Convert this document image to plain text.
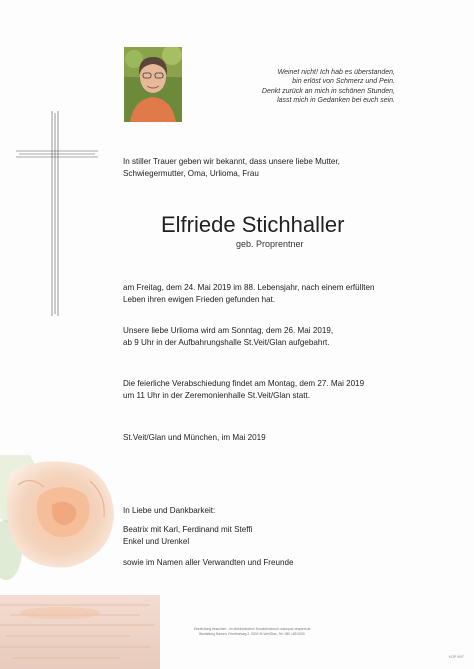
Weinet nicht! Ich hab es überstanden,
bin erlöst von Schmerz und Pein.
Denkt zurück an mich in schönen Stunden,
lasst mich in Gedanken bei euch sein.
In stiller Trauer geben wir bekannt, dass unsere liebe Mutter,
Schwiegermutter, Oma, Urlioma, Frau
Elfriede Stichhaller
geb. Proprentner
am Freitag, dem 24. Mai 2019 im 88. Lebensjahr, nach einem erfüllten
Leben ihren ewigen Frieden gefunden hat.
Unsere liebe Urlioma wird am Sonntag, dem 26. Mai 2019,
ab 9 Uhr in der Aufbahrungshalle St.Veit/Glan aufgebahrt.
Die feierliche Verabschiedung findet am Montag, dem 27. Mai 2019
um 11 Uhr in der Zeremonienhalle St.Veit/Glan statt.
St.Veit/Glan und München, im Mai 2019
In Liebe und Dankbarkeit:
Beatrix mit Karl, Ferdinand mit Steffi
Enkel und Urenkel
sowie im Namen aller Verwandten und Freunde
Einreichung besuchen - im elektronischen Kondolenzbuch: www.pax-requiem.at
Bestattung Namen, Friedhofweg 2, 9300 St.Veit/Glan, Tel. 050 169 0000
KOP 9/97
